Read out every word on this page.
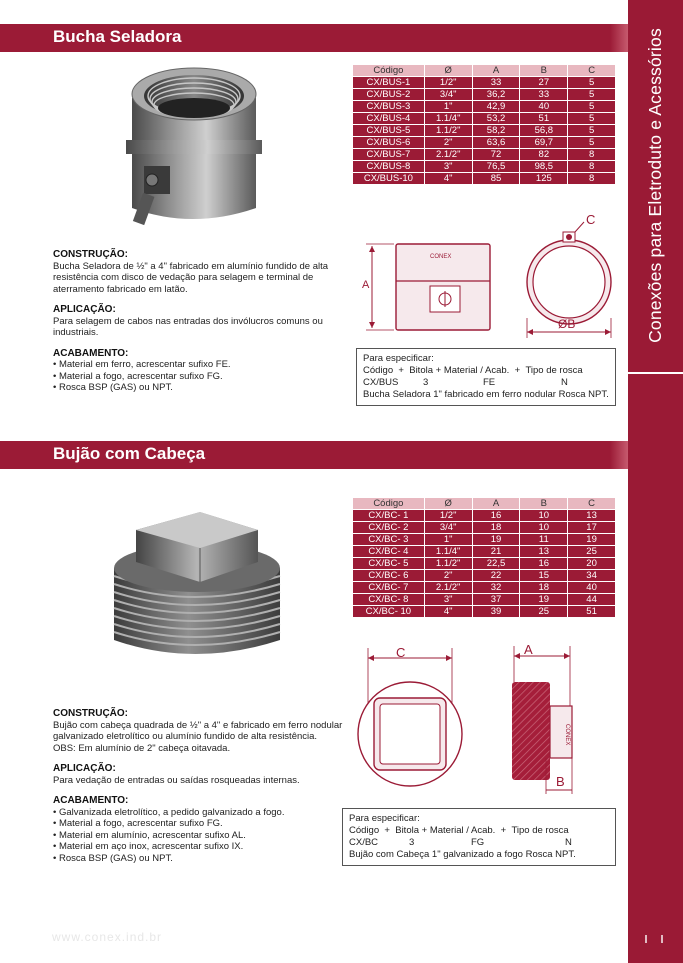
Conexões para Eletroduto e Acessórios
Bucha Seladora
Código	Ø	A	B	C
CX/BUS-1	1/2"	33	27	5
CX/BUS-2	3/4"	36,2	33	5
CX/BUS-3	1"	42,9	40	5
CX/BUS-4	1.1/4"	53,2	51	5
CX/BUS-5	1.1/2"	58,2	56,8	5
CX/BUS-6	2"	63,6	69,7	5
CX/BUS-7	2.1/2"	72	82	8
CX/BUS-8	3"	76,5	98,5	8
CX/BUS-10	4"	85	125	8
CONSTRUÇÃO:
Bucha Seladora de ½" a 4" fabricado em alumínio fundido de alta resistência com disco de vedação para selagem e terminal de aterramento fabricado em latão.
APLICAÇÃO:
Para selagem de cabos nas entradas dos invólucros comuns ou industriais.
ACABAMENTO:
• Material em ferro, acrescentar sufixo FE.
• Material a fogo, acrescentar sufixo FG.
• Rosca BSP (GAS) ou NPT.
CONEX
A
C
ØB
Para especificar:
Código
+
Bitola
+
Material / Acab.
+
Tipo de rosca
CX/BUS	3	FE	N
Bucha Seladora 1" fabricado em ferro nodular Rosca NPT.
Bujão com Cabeça
Código	Ø	A	B	C
CX/BC- 1	1/2"	16	10	13
CX/BC- 2	3/4"	18	10	17
CX/BC- 3	1"	19	11	19
CX/BC- 4	1.1/4"	21	13	25
CX/BC- 5	1.1/2"	22,5	16	20
CX/BC- 6	2"	22	15	34
CX/BC- 7	2.1/2"	32	18	40
CX/BC- 8	3"	37	19	44
CX/BC- 10	4"	39	25	51
CONSTRUÇÃO:
Bujão com cabeça quadrada de ½" a 4" e fabricado em ferro nodular galvanizado eletrolítico ou alumínio fundido de alta resistência.
OBS: Em alumínio de 2" cabeça oitavada.
APLICAÇÃO:
Para vedação de entradas ou saídas rosqueadas internas.
ACABAMENTO:
• Galvanizada eletrolítico, a pedido galvanizado a fogo.
• Material a fogo, acrescentar sufixo FG.
• Material em alumínio, acrescentar sufixo AL.
• Material em aço inox, acrescentar sufixo IX.
• Rosca BSP (GAS) ou NPT.
C	A
CONEX
B
Para especificar:
Código
+
Bitola
+
Material / Acab.
+
Tipo de rosca
CX/BC	3	FG	N
Bujão com Cabeça 1" galvanizado a fogo Rosca NPT.
www.conex.ind.br
